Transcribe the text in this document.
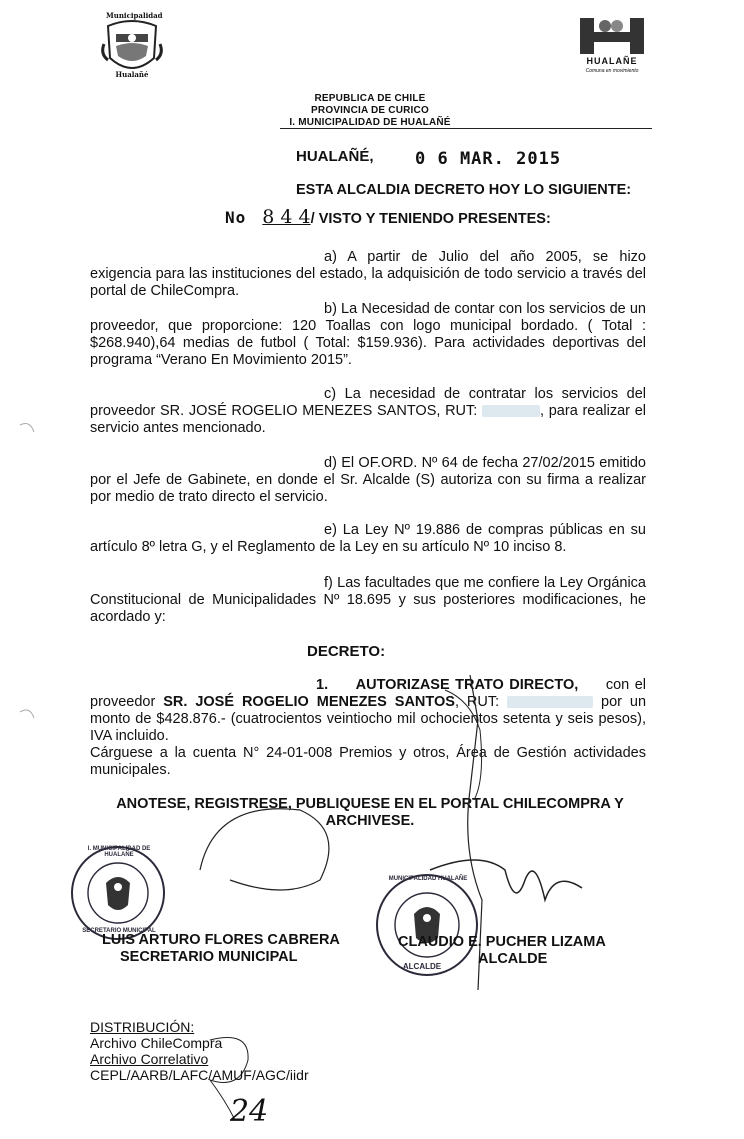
Municipalidad
Hualañé
HUALAÑE
Comuna en movimiento
REPUBLICA DE CHILE
PROVINCIA DE CURICO
I. MUNICIPALIDAD DE HUALAÑÉ
HUALAÑÉ, 0 6 MAR. 2015
ESTA ALCALDIA DECRETO HOY LO SIGUIENTE:
No 8 4 4/ VISTO Y TENIENDO PRESENTES:
a) A partir de Julio del año 2005, se hizo exigencia para las instituciones del estado, la adquisición de todo servicio a través del portal de ChileCompra.
b) La Necesidad de contar con los servicios de un proveedor, que proporcione: 120 Toallas con logo municipal bordado. ( Total : $268.940),64 medias de futbol ( Total: $159.936). Para actividades deportivas del programa “Verano En Movimiento 2015”.
c) La necesidad de contratar los servicios del proveedor SR. JOSÉ ROGELIO MENEZES SANTOS, RUT:	, para realizar el servicio antes mencionado.
d) El OF.ORD. Nº 64 de fecha 27/02/2015 emitido por el Jefe de Gabinete, en donde el Sr. Alcalde (S) autoriza con su firma a realizar por medio de trato directo el servicio.
e) La Ley Nº 19.886 de compras públicas en su artículo 8º letra G, y el Reglamento de la Ley en su artículo Nº 10 inciso 8.
f) Las facultades que me confiere la Ley Orgánica Constitucional de Municipalidades Nº 18.695 y sus posteriores modificaciones, he acordado y:
DECRETO:
1. AUTORIZASE TRATO DIRECTO, con el proveedor SR. JOSÉ ROGELIO MENEZES SANTOS, RUT:	por un monto de $428.876.- (cuatrocientos veintiocho mil ochocientos setenta y seis pesos), IVA incluido.
Cárguese a la cuenta N° 24-01-008 Premios y otros, Área de Gestión actividades municipales.
ANOTESE, REGISTRESE, PUBLIQUESE EN EL PORTAL CHILECOMPRA Y ARCHIVESE.
I. MUNICIPALIDAD DE HUALAÑE
SECRETARIO MUNICIPAL
MUNICIPALIDAD HUALAÑE
ALCALDE
LUIS ARTURO FLORES CABRERA
SECRETARIO MUNICIPAL
CLAUDIO E. PUCHER LIZAMA
ALCALDE
DISTRIBUCIÓN:
Archivo ChileCompra
Archivo Correlativo
CEPL/AARB/LAFC/AMUF/AGC/iidr
24
